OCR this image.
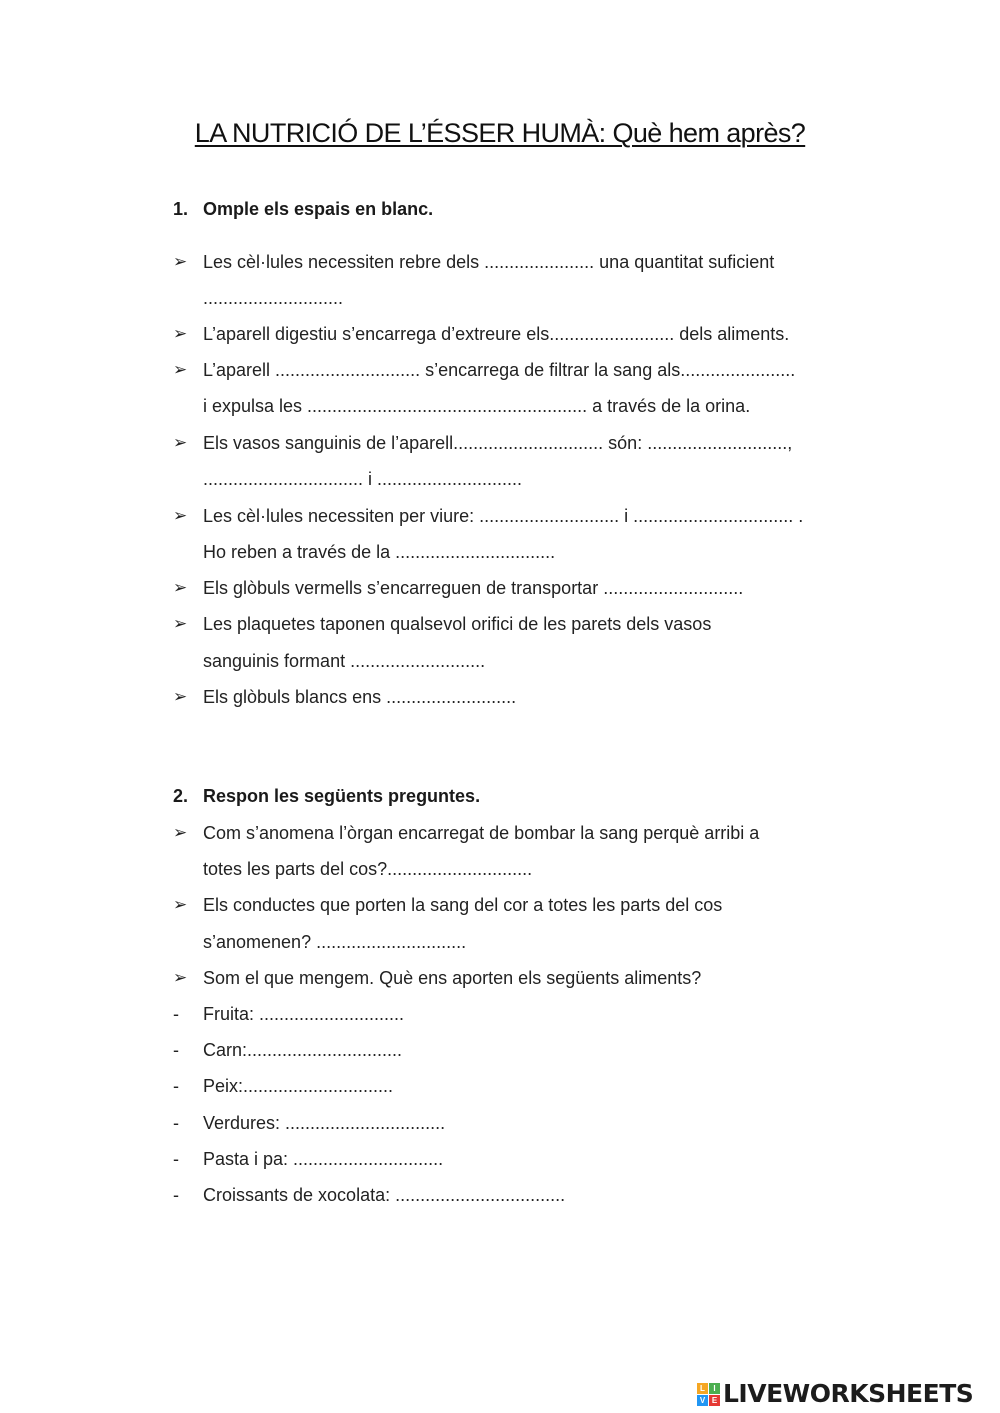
LA NUTRICIÓ DE L’ÉSSER HUMÀ: Què hem après?
1. Omple els espais en blanc.
➢ Les cèl·lules necessiten rebre dels ...................... una quantitat suficient
............................
➢ L’aparell digestiu s’encarrega d’extreure els......................... dels aliments.
➢ L’aparell ............................. s’encarrega de filtrar la sang als.......................
i expulsa les ........................................................ a través de la orina.
➢ Els vasos sanguinis de l’aparell.............................. són: ............................,
................................ i .............................
➢ Les cèl·lules necessiten per viure: ............................ i ................................ .
Ho reben a través de la ................................
➢ Els glòbuls vermells s’encarreguen de transportar ............................
➢ Les plaquetes taponen qualsevol orifici de les parets dels vasos
sanguinis formant ...........................
➢ Els glòbuls blancs ens ..........................
2. Respon les següents preguntes.
➢ Com s’anomena l’òrgan encarregat de bombar la sang perquè arribi a
totes les parts del cos?.............................
➢ Els conductes que porten la sang del cor a totes les parts del cos
s’anomenen? ..............................
➢ Som el que mengem. Què ens aporten els següents aliments?
- Fruita: .............................
- Carn:...............................
- Peix:..............................
- Verdures: ................................
- Pasta i pa: ..............................
- Croissants de xocolata: ..................................
L	I
V E LIVEWORKSHEETS
